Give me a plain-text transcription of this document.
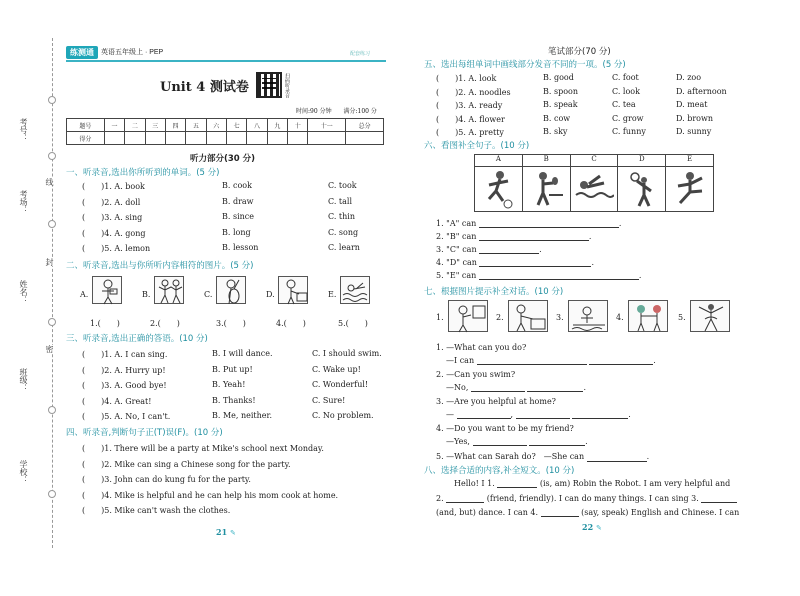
考号：
考场：
姓名：
班级：
学校：
线
封
密
练测通	英语五年级上 · PEP	配套练习
Unit 4 测试卷	扫码听录音
时间:90 分钟 满分:100 分
题号	一	二	三	四	五	六	七	八	九	十	十一	总分
得分												
听力部分(30 分)
一、听录音,选出你所听到的单词。(5 分)
(　　)1. A. book	B. cook	C. took
(　　)2. A. doll	B. draw	C. tall
(　　)3. A. sing	B. since	C. thin
(　　)4. A. gong	B. long	C. song
(　　)5. A. lemon	B. lesson	C. learn
二、听录音,选出与你所听内容相符的图片。(5 分)
A.	B.	C.	D.	E.
1.(　　)	2.(　　)	3.(　　)	4.(　　)	5.(　　)
三、听录音,选出正确的答语。(10 分)
(　　)1. A. I can sing.	B. I will dance.	C. I should swim.
(　　)2. A. Hurry up!	B. Put up!	C. Wake up!
(　　)3. A. Good bye!	B. Yeah!	C. Wonderful!
(　　)4. A. Great!	B. Thanks!	C. Sure!
(　　)5. A. No, I can't.	B. Me, neither.	C. No problem.
四、听录音,判断句子正(T)误(F)。(10 分)
(　　)1. There will be a party at Mike's school next Monday.
(　　)2. Mike can sing a Chinese song for the party.
(　　)3. John can do kung fu for the party.
(　　)4. Mike is helpful and he can help his mom cook at home.
(　　)5. Mike can't wash the clothes.
21 ✎
笔试部分(70 分)
五、选出每组单词中画线部分发音不同的一项。(5 分)
(　　)1. A. look	B. good	C. foot	D. zoo
(　　)2. A. noodles	B. spoon	C. look	D. afternoon
(　　)3. A. ready	B. speak	C. tea	D. meat
(　　)4. A. flower	B. cow	C. grow	D. brown
(　　)5. A. pretty	B. sky	C. funny	D. sunny
六、看图补全句子。(10 分)
A	B	C	D	E
1. "A" can	.
2. "B" can	.
3. "C" can	.
4. "D" can	.
5. "E" can	.
七、根据图片提示补全对话。(10 分)
1.	2.	3.	4.	5.
1. —What can you do?
—I can	.
2. —Can you swim?
—No,	.
3. —Are you helpful at home?
—	,	.
4. —Do you want to be my friend?
—Yes,	.
5. —What can Sarah do?　—She can	.
八、选择合适的内容,补全短文。(10 分)
Hello! I 1.	(is, am) Robin the Robot. I am very helpful and
2.	(friend, friendly). I can do many things. I can sing 3.
(and, but) dance. I can 4.	(say, speak) English and Chinese. I can
22 ✎
